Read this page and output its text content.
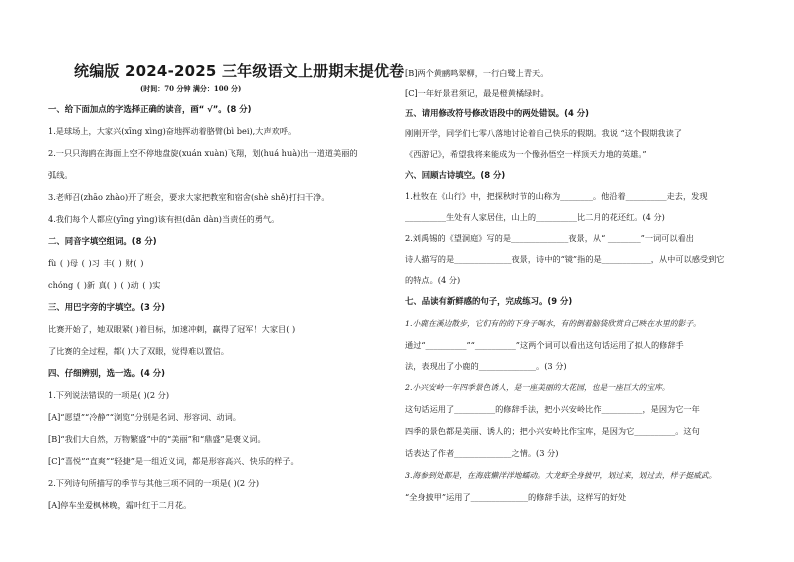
统编版 2024-2025 三年级语文上册期末提优卷
(时间：70 分钟 满分：100 分)
一、给下面加点的字选择正确的读音，画“ √”。(8 分)
1.是球场上，大家兴(xīng xìng)奋地挥动着胳臂(bì bei),大声欢呼。
2.一只只海鸥在海面上空不停地盘旋(xuán xuàn)飞翔，划(huá huà)出一道道美丽的
弧线。
3.老师召(zhāo zhào)开了班会，要求大家把教室和宿舍(shè shě)打扫干净。
4.我们每个人都应(yīng yìng)该有担(dān dàn)当责任的勇气。
二、同音字填空组词。(8 分)
fù ( )母 ( )习 丰( ) 财( )
chóng ( )新 真( ) ( )动 ( )实
三、用巴字旁的字填空。(3 分)
比赛开始了，她双眼紧( )着目标，加速冲刺，赢得了冠军！大家目( )
了比赛的全过程，都( )大了双眼，觉得难以置信。
四、仔细辨别，选一选。(4 分)
1.下列说法错误的一项是( )(2 分)
[A]“愿望”“冷静”“浏览”分别是名词、形容词、动词。
[B]“我们大自然，万物繁盛”中的“美丽”和“鼎盛”是褒义词。
[C]“喜悦”“直爽”“轻捷”是一组近义词，都是形容高兴、快乐的样子。
2.下列诗句所描写的季节与其他三项不同的一项是( )(2 分)
[A]停车坐爱枫林晚，霜叶红于二月花。
[B]两个黄鹂鸣翠柳，一行白鹭上青天。
[C]一年好景君须记，最是橙黄橘绿时。
五、请用修改符号修改语段中的两处错误。(4 分)
刚刚开学，同学们七零八落地讨论着自己快乐的假期。我说 “这个假期我读了
《西游记》，希望我将来能成为一个像孙悟空一样顶天力地的英雄。”
六、回顾古诗填空。(8 分)
1.杜牧在《山行》中，把探秋时节的山称为________。他沿着__________走去，发现
__________生处有人家居住，山上的__________比二月的花还红。(4 分)
2.刘禹锡的《望洞庭》写的是______________夜景，从“ ________”一词可以看出
诗人描写的是______________夜景，诗中的“镜”指的是____________，从中可以感受到它
的特点。(4 分)
七、品读有新鲜感的句子，完成练习。(9 分)
1.小鹿在溪边散步，它们有的的下身子喝水，有的倒着脑袋欣赏自己映在水里的影子。
通过“__________”“__________”这两个词可以看出这句话运用了拟人的修辞手
法，表现出了小鹿的______________。(3 分)
2.小兴安岭一年四季景色诱人，是一座美丽的大花园，也是一座巨大的宝库。
这句话运用了__________的修辞手法，把小兴安岭比作__________，是因为它一年
四季的景色都是美丽、诱人的；把小兴安岭比作宝库，是因为它__________。这句
话表达了作者______________之情。(3 分)
3.海参到处都是，在海底懒洋洋地蠕动。大龙虾全身披甲，划过来，划过去，样子挺威武。
“全身披甲”运用了______________的修辞手法，这样写的好处
